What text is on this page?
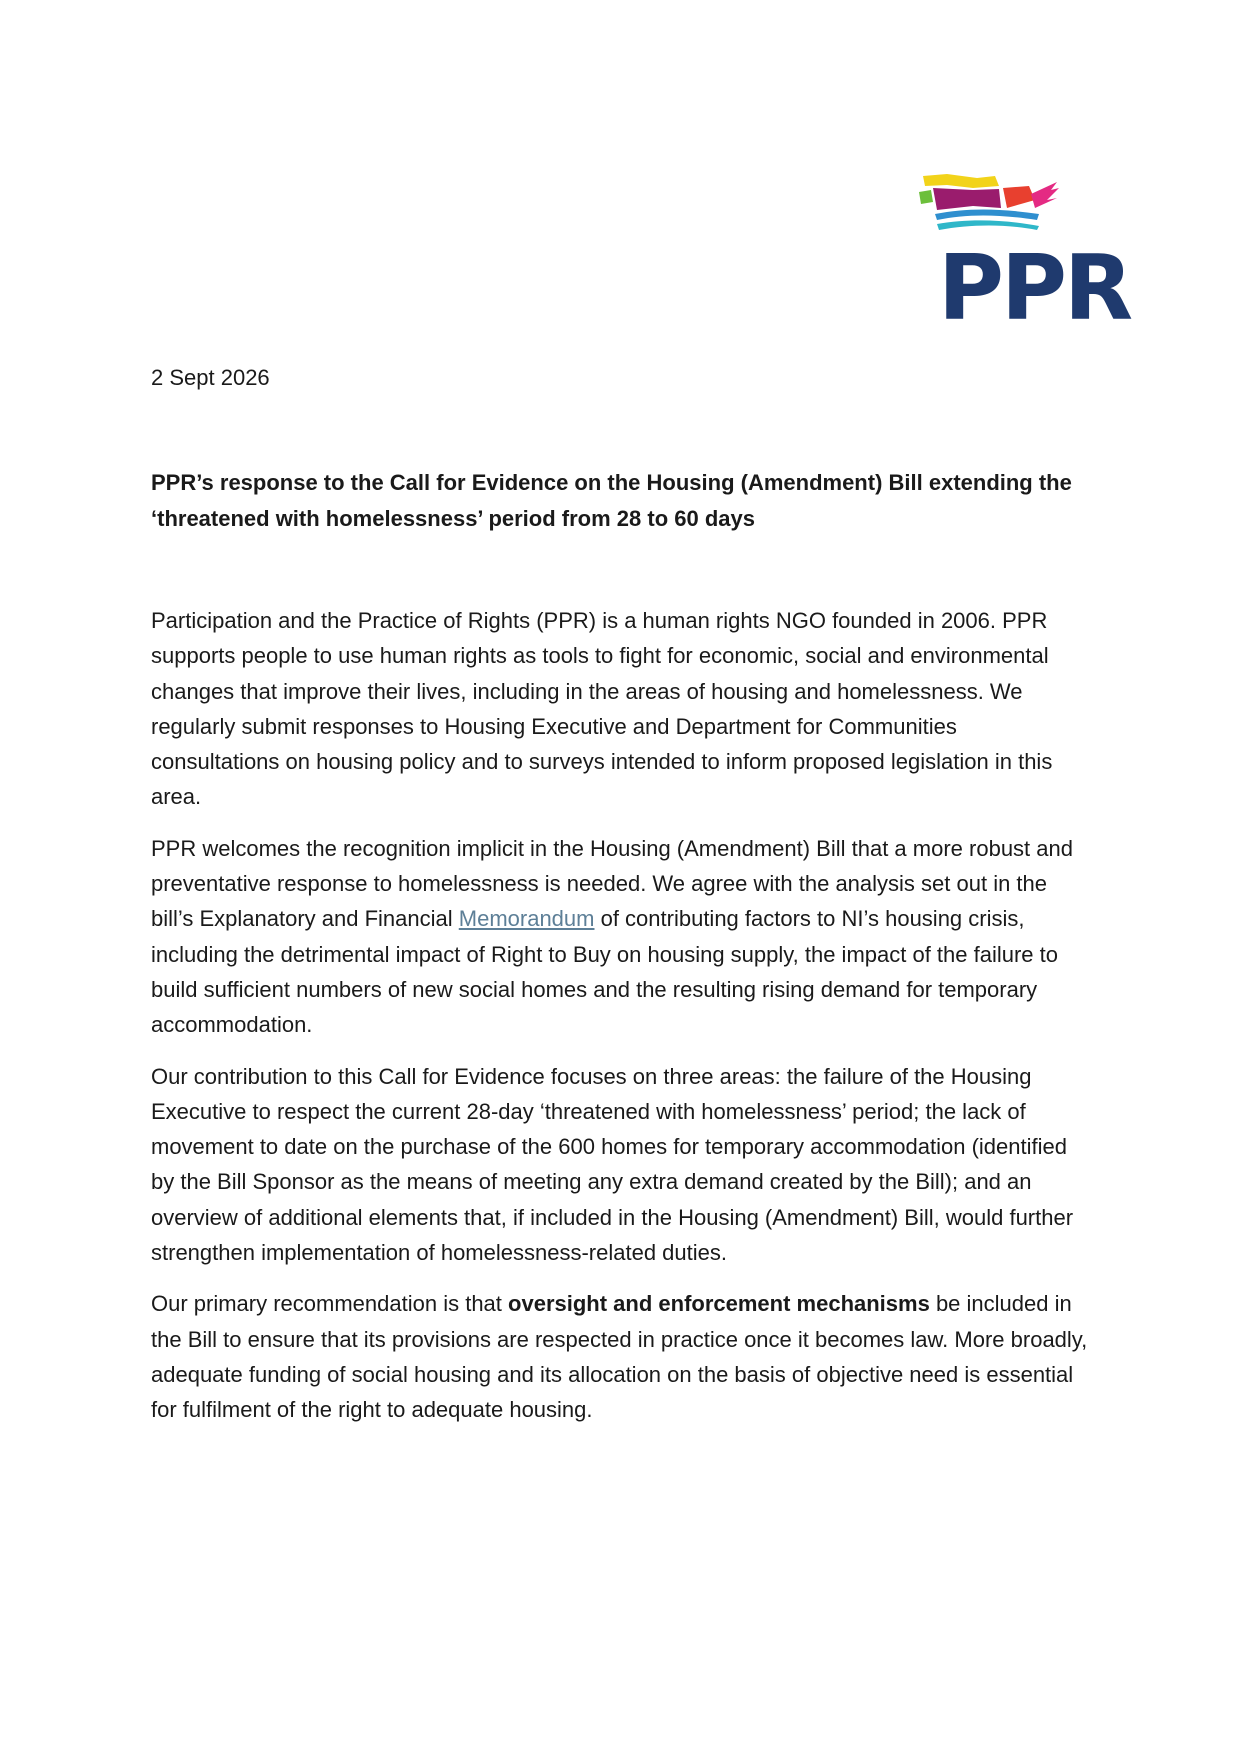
PPR
2 Sept 2026
PPR’s response to the Call for Evidence on the Housing (Amendment) Bill extending the ‘threatened with homelessness’ period from 28 to 60 days

Participation and the Practice of Rights (PPR) is a human rights NGO founded in 2006. PPR supports people to use human rights as tools to fight for economic, social and environmental changes that improve their lives, including in the areas of housing and homelessness. We regularly submit responses to Housing Executive and Department for Communities consultations on housing policy and to surveys intended to inform proposed legislation in this area.

PPR welcomes the recognition implicit in the Housing (Amendment) Bill that a more robust and preventative response to homelessness is needed. We agree with the analysis set out in the bill’s Explanatory and Financial Memorandum of contributing factors to NI’s housing crisis, including the detrimental impact of Right to Buy on housing supply, the impact of the failure to build sufficient numbers of new social homes and the resulting rising demand for temporary accommodation.

Our contribution to this Call for Evidence focuses on three areas: the failure of the Housing Executive to respect the current 28-day ‘threatened with homelessness’ period; the lack of movement to date on the purchase of the 600 homes for temporary accommodation (identified by the Bill Sponsor as the means of meeting any extra demand created by the Bill); and an overview of additional elements that, if included in the Housing (Amendment) Bill, would further strengthen implementation of homelessness-related duties.

Our primary recommendation is that oversight and enforcement mechanisms be included in the Bill to ensure that its provisions are respected in practice once it becomes law. More broadly, adequate funding of social housing and its allocation on the basis of objective need is essential for fulfilment of the right to adequate housing.
